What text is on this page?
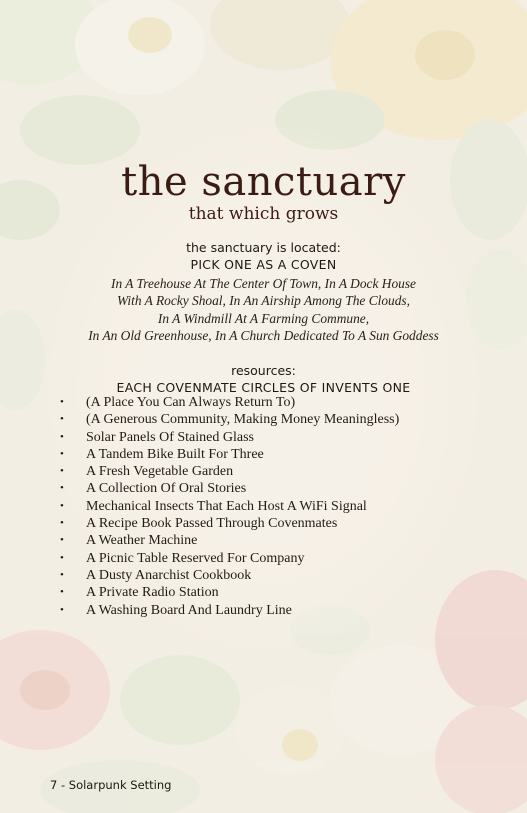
the sanctuary
that which grows
the sanctuary is located:
PICK ONE AS A COVEN
In A Treehouse At The Center Of Town, In A Dock House
With A Rocky Shoal, In An Airship Among The Clouds,
In A Windmill At A Farming Commune,
In An Old Greenhouse, In A Church Dedicated To A Sun Goddess
resources:
EACH COVENMATE CIRCLES OF INVENTS ONE
• (A Place You Can Always Return To)
• (A Generous Community, Making Money Meaningless)
• Solar Panels Of Stained Glass
• A Tandem Bike Built For Three
• A Fresh Vegetable Garden
• A Collection Of Oral Stories
• Mechanical Insects That Each Host A WiFi Signal
• A Recipe Book Passed Through Covenmates
• A Weather Machine
• A Picnic Table Reserved For Company
• A Dusty Anarchist Cookbook
• A Private Radio Station
• A Washing Board And Laundry Line
7 - Solarpunk Setting
